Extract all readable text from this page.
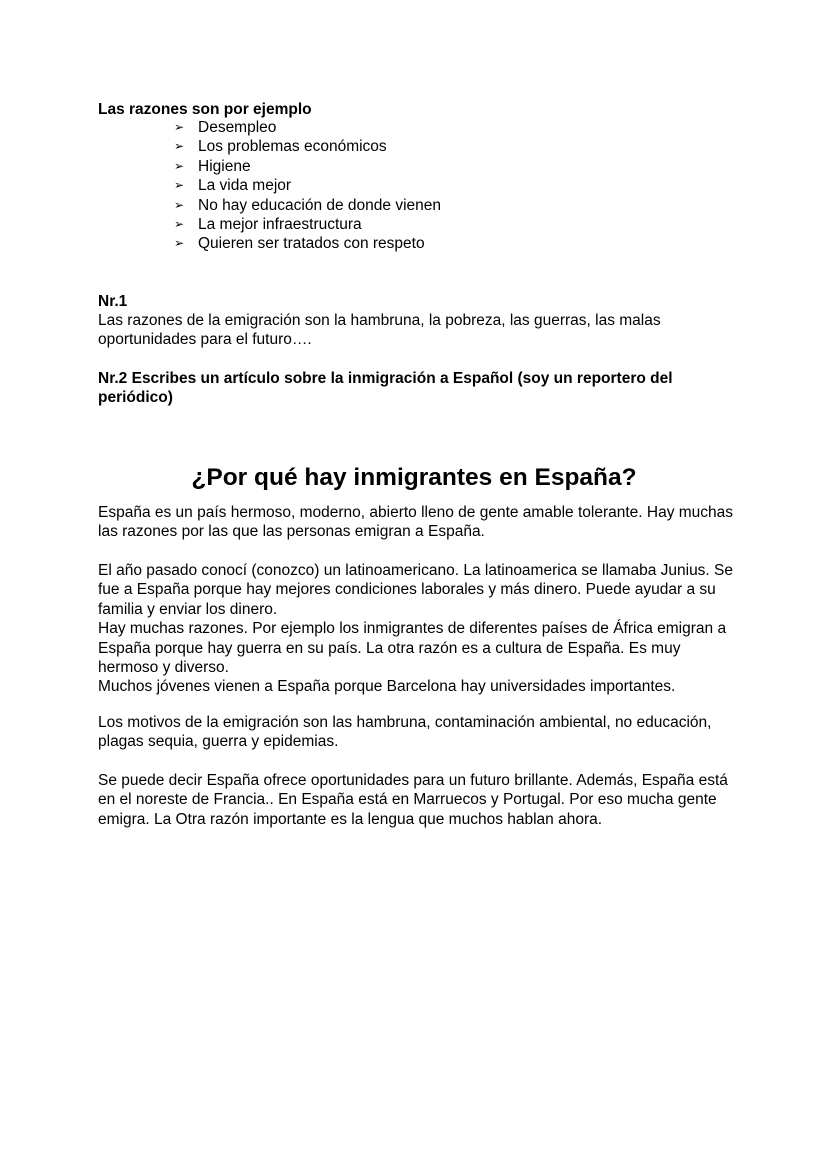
Las razones son por ejemplo
➢ Desempleo
➢ Los problemas económicos
➢ Higiene
➢ La vida mejor
➢ No hay educación de donde vienen
➢ La mejor infraestructura
➢ Quieren ser tratados con respeto
Nr.1

Las razones de la emigración son la hambruna, la pobreza, las guerras, las malas oportunidades para el futuro….

Nr.2 Escribes un artículo sobre la inmigración a Español (soy un reportero del periódico)
¿Por qué hay inmigrantes en España?

España es un país hermoso, moderno, abierto lleno de gente amable tolerante. Hay muchas las razones por las que las personas emigran a España.

El año pasado conocí (conozco) un latinoamericano. La latinoamerica se llamaba Junius. Se fue a España porque hay mejores condiciones laborales y más dinero. Puede ayudar a su familia y enviar los dinero.

Hay muchas razones. Por ejemplo los inmigrantes de diferentes países de África emigran a España porque hay guerra en su país. La otra razón es a cultura de España. Es muy hermoso y diverso.

Muchos jóvenes vienen a España porque Barcelona hay universidades importantes.

Los motivos de la emigración son las hambruna, contaminación ambiental, no educación, plagas sequia, guerra y epidemias.

Se puede decir España ofrece oportunidades para un futuro brillante. Además, España está en el noreste de Francia.. En España está en Marruecos y Portugal. Por eso mucha gente emigra. La Otra razón importante es la lengua que muchos hablan ahora.
